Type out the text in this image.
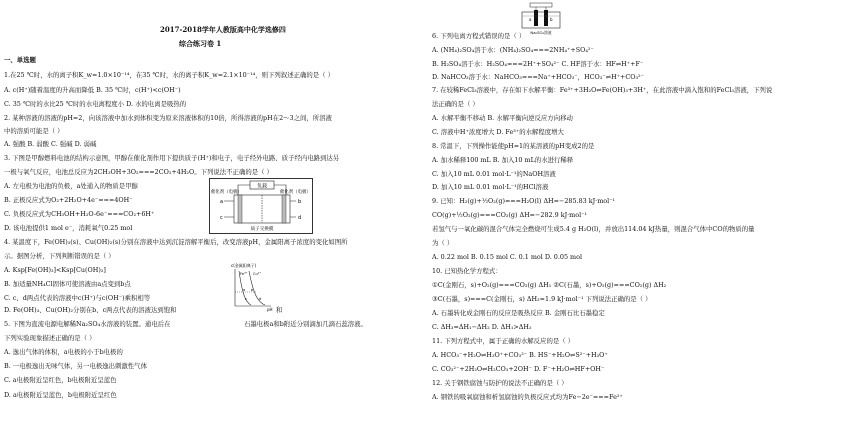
2017-2018学年人教版高中化学选修四
综合练习卷 1
一、单选题
1.在25 ℃时，水的离子积K_w=1.0×10⁻¹⁴，在35 ℃时，水的离子积K_w=2.1×10⁻¹⁴，则下列叙述正确的是（ ）
A. c(H⁺)随着温度的升高而降低 B. 35 ℃时，c(H⁺)<c(OH⁻)
C. 35 ℃时的水比25 ℃时的水电离程度小 D. 水的电离是吸热的
2. 某种溶液的溶液的pH=2，向该溶液中加水到体积变为原来溶液体积的10倍，所得溶液的pH在2～3之间，所溶液
中的溶质可能是（ ）
A. 强酸 B. 弱酸 C. 强碱 D. 弱碱
3. 下图是甲醇燃料电池的结构示意图，甲醇在催化剂作用下提供质子(H⁺)和电子，电子经外电路、质子经内电路到达另
一极与氧气反应，电池总反应为2CH₃OH+3O₂===2CO₂+4H₂O。下列说法不正确的是（ ）
A. 左电极为电池的负极，a处通入的物质是甲醇
B. 正极反应式为O₂+2H₂O+4e⁻===4OH⁻
C. 负极反应式为CH₃OH+H₂O-6e⁻===CO₂+6H⁺
D. 该电池提供1 mol e⁻，消耗氧气0.25 mol
4. 某温度下，Fe(OH)₃(s)、Cu(OH)₂(s)分别在溶液中达到沉淀溶解平衡后，改变溶液pH，金属阳离子浓度的变化如图所
示。据图分析，下列判断错误的是（ ）
A. Ksp[Fe(OH)₃]<Ksp[Cu(OH)₂]
B. 加适量NH₄Cl固体可使溶液由a点变到b点
C. c、d两点代表的溶液中c(H⁺)与c(OH⁻)乘积相等
D. Fe(OH)₃、Cu(OH)₂分别在b、c两点代表的溶液达到饱和	和
5. 下图为直流电源电解稀Na₂SO₄水溶液的装置。通电后在	石墨电极a和b附近分别滴加几滴石蕊溶液。
下列实验现象描述正确的是（ ）
A. 逸出气体的体积，a电极的小于b电极的
B. 一电极逸出无味气体，另一电极逸出刺激性气体
C. a电极附近呈红色，b电极附近呈蓝色
D. a电极附近呈蓝色，b电极附近呈红色
负载
催化剂（电极）	催化剂（电极）
a
c
b
d
质子交换膜
c(金属阳离子)
Fe³⁺ Cu²⁺
a b
c	d
pH
a	b
Na₂SO₄溶液
6. 下列电离方程式错误的是（ ）
A. (NH₄)₂SO₄溶于水：(NH₄)₂SO₄===2NH₄⁺+SO₄²⁻
B. H₂SO₄溶于水：H₂SO₄===2H⁺+SO₄²⁻ C. HF溶于水：HF⇌H⁺+F⁻
D. NaHCO₃溶于水：NaHCO₃===Na⁺+HCO₃⁻，HCO₃⁻⇌H⁺+CO₃²⁻
7. 在较稀FeCl₃溶液中，存在如下水解平衡：Fe³⁺+3H₂O⇌Fe(OH)₃+3H⁺，在此溶液中滴入饱和的FeCl₃溶液，下列说
法正确的是（ ）
A. 水解平衡不移动 B. 水解平衡向逆反应方向移动
C. 溶液中H⁺浓度增大 D. Fe³⁺的水解程度增大
8. 常温下，下列操作能使pH=1的某溶液的pH变成2的是
A. 加水稀释100 mL B. 加入10 mL的水进行稀释
C. 加入10 mL 0.01 mol·L⁻¹的NaOH溶液
D. 加入10 mL 0.01 mol·L⁻¹的HCl溶液
9. 已知：H₂(g)+½O₂(g)===H₂O(l) ΔH=−285.83 kJ·mol⁻¹
CO(g)+½O₂(g)===CO₂(g) ΔH=−282.9 kJ·mol⁻¹
若氢气与一氧化碳的混合气体完全燃烧可生成5.4 g H₂O(l)，并放出114.04 kJ热量，则混合气体中CO的物质的量
为（ ）
A. 0.22 mol B. 0.15 mol C. 0.1 mol D. 0.05 mol
10. 已知热化学方程式：
①C(金刚石，s)+O₂(g)===CO₂(g) ΔH₁ ②C(石墨，s)+O₂(g)===CO₂(g) ΔH₂
③C(石墨，s)===C(金刚石，s) ΔH₃=1.9 kJ·mol⁻¹ 下列说法正确的是（ ）
A. 石墨转化成金刚石的反应是吸热反应 B. 金刚石比石墨稳定
C. ΔH₃=ΔH₁−ΔH₂ D. ΔH₁>ΔH₂
11. 下列方程式中，属于正确的水解反应的是（ ）
A. HCO₃⁻+H₂O⇌H₃O⁺+CO₃²⁻ B. HS⁻+H₂O⇌S²⁻+H₃O⁺
C. CO₃²⁻+2H₂O⇌H₂CO₃+2OH⁻ D. F⁻+H₂O⇌HF+OH⁻
12. 关于钢铁腐蚀与防护的说法不正确的是（ ）
A. 钢铁的吸氧腐蚀和析氢腐蚀的负极反应式均为Fe−2e⁻===Fe²⁺
